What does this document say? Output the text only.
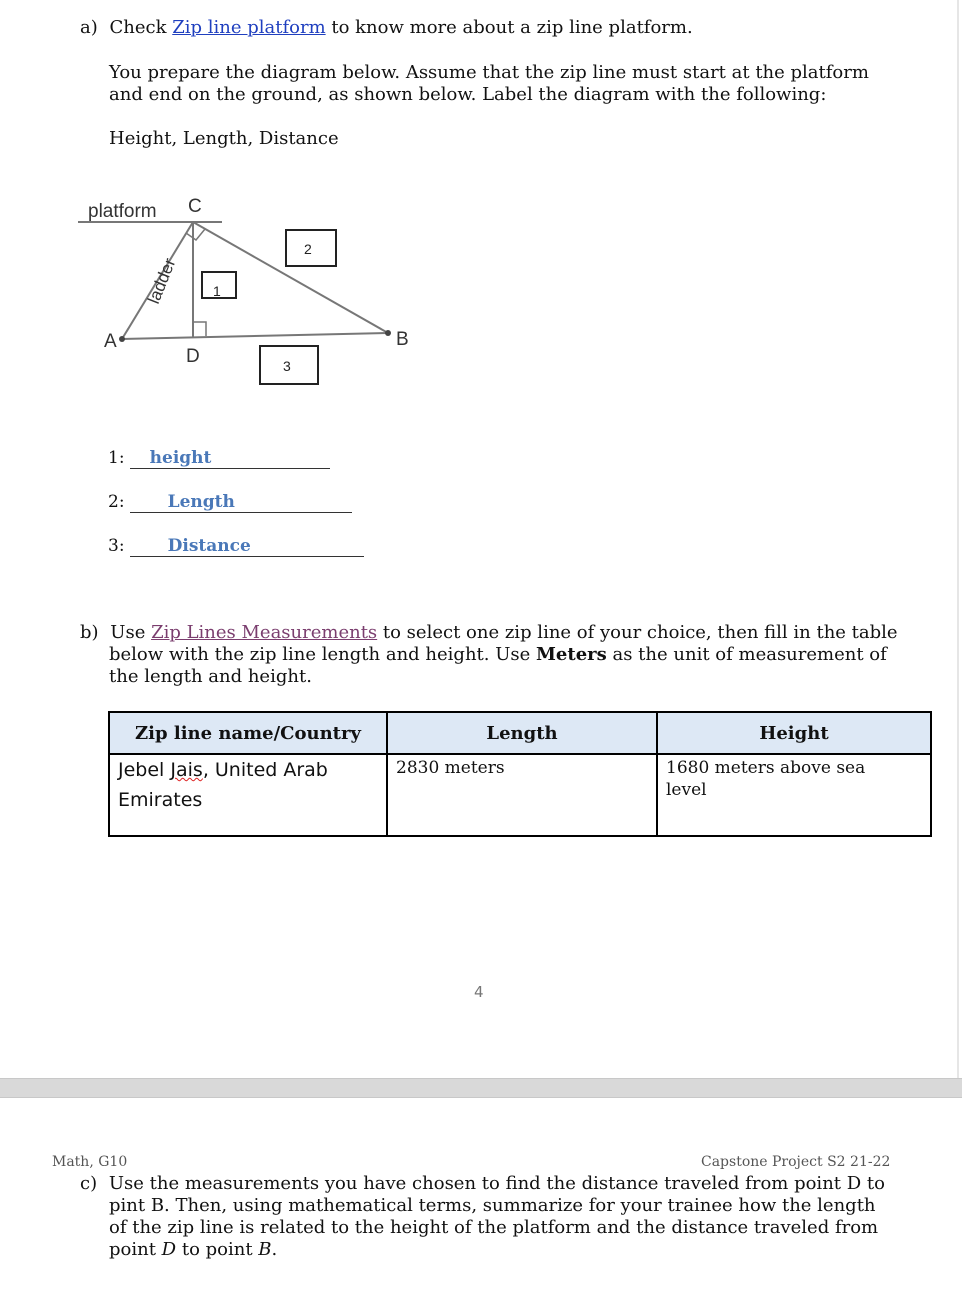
a) Check Zip line platform to know more about a zip line platform.
You prepare the diagram below. Assume that the zip line must start at the platform
and end on the ground, as shown below. Label the diagram with the following:
Height, Length, Distance
platform C
A
D
B
ladder 1
2
3
1: height
2:	Length
3:	Distance
b) Use Zip Lines Measurements to select one zip line of your choice, then fill in the table
below with the zip line length and height. Use Meters as the unit of measurement of
the length and height.
Zip line name/Country	Length	Height
Jebel Jais, United Arab
Emirates	2830 meters	1680 meters above sea
level
4
Math, G10	Capstone Project S2 21-22
c) Use the measurements you have chosen to find the distance traveled from point D to
pint B. Then, using mathematical terms, summarize for your trainee how the length
of the zip line is related to the height of the platform and the distance traveled from
point D to point B.
